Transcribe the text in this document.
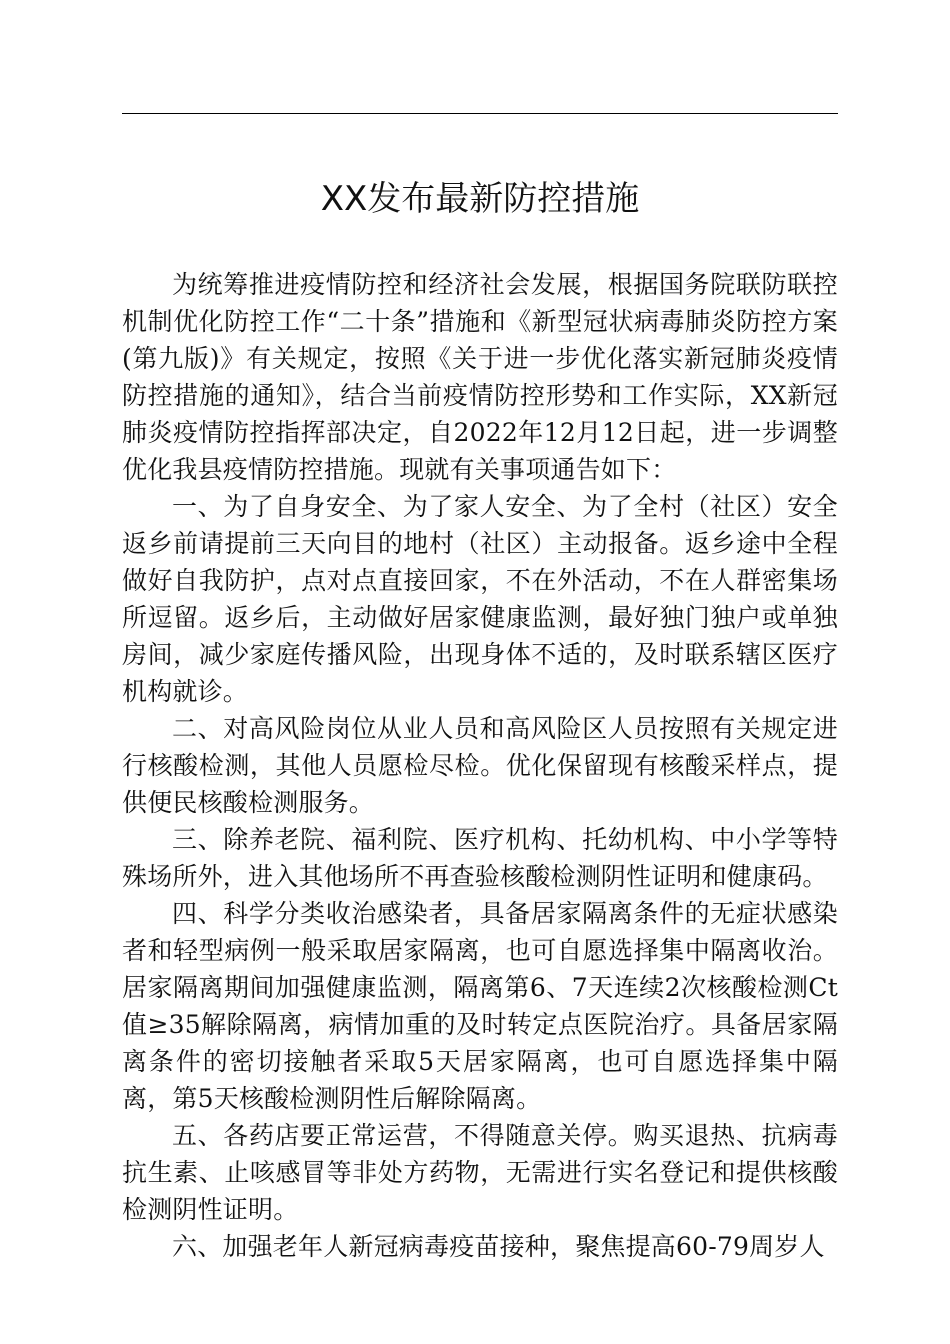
XX发布最新防控措施

为统筹推进疫情防控和经济社会发展，根据国务院联防联控机制优化防控工作“二十条”措施和《新型冠状病毒肺炎防控方案(第九版)》有关规定，按照《关于进一步优化落实新冠肺炎疫情防控措施的通知》，结合当前疫情防控形势和工作实际，XX新冠肺炎疫情防控指挥部决定，自2022年12月12日起，进一步调整优化我县疫情防控措施。现就有关事项通告如下：

一、为了自身安全、为了家人安全、为了全村（社区）安全返乡前请提前三天向目的地村（社区）主动报备。返乡途中全程做好自我防护，点对点直接回家，不在外活动，不在人群密集场所逗留。返乡后，主动做好居家健康监测，最好独门独户或单独房间，减少家庭传播风险，出现身体不适的，及时联系辖区医疗机构就诊。

二、对高风险岗位从业人员和高风险区人员按照有关规定进行核酸检测，其他人员愿检尽检。优化保留现有核酸采样点，提供便民核酸检测服务。

三、除养老院、福利院、医疗机构、托幼机构、中小学等特殊场所外，进入其他场所不再查验核酸检测阴性证明和健康码。

四、科学分类收治感染者，具备居家隔离条件的无症状感染者和轻型病例一般采取居家隔离，也可自愿选择集中隔离收治。居家隔离期间加强健康监测，隔离第6、7天连续2次核酸检测Ct值≥35解除隔离，病情加重的及时转定点医院治疗。具备居家隔离条件的密切接触者采取5天居家隔离，也可自愿选择集中隔离，第5天核酸检测阴性后解除隔离。

五、各药店要正常运营，不得随意关停。购买退热、抗病毒抗生素、止咳感冒等非处方药物，无需进行实名登记和提供核酸检测阴性证明。

六、加强老年人新冠病毒疫苗接种，聚焦提高60-79周岁人
